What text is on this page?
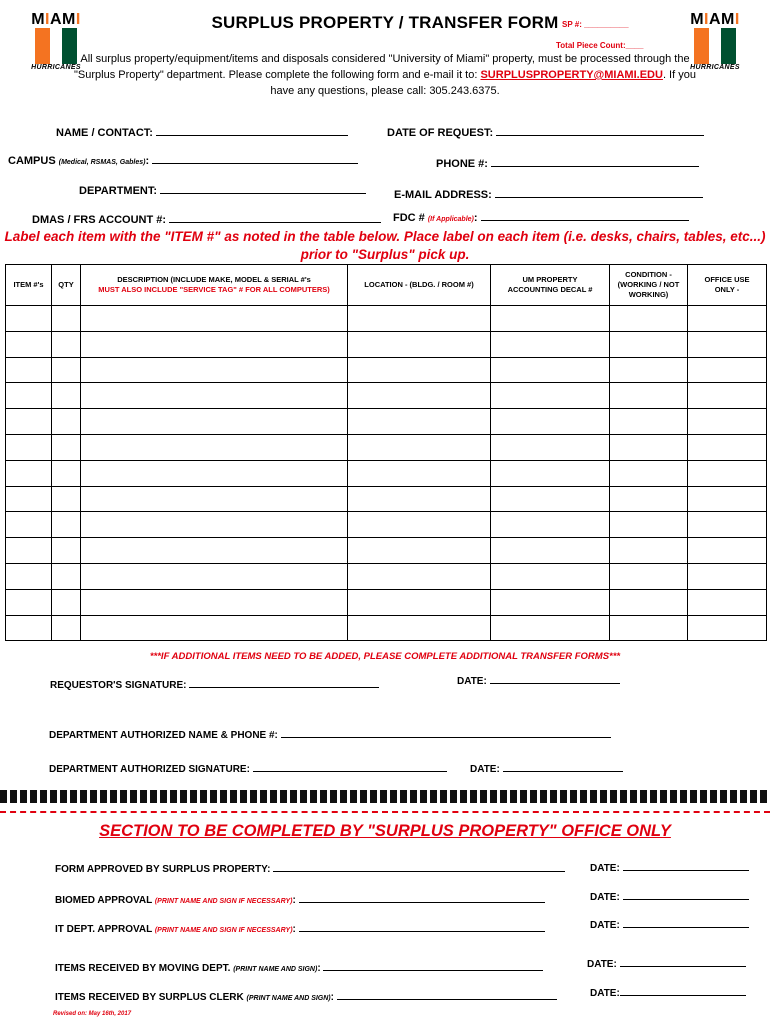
MIAMI
HURRICANES
MIAMI
HURRICANES
SURPLUS PROPERTY / TRANSFER FORM SP #: __________
Total Piece Count:____
All surplus property/equipment/items and disposals considered "University of Miami" property, must be processed through the "Surplus Property" department. Please complete the following form and e-mail it to: SURPLUSPROPERTY@MIAMI.EDU. If you have any questions, please call: 305.243.6375.
NAME / CONTACT:	DATE OF REQUEST:
CAMPUS (Medical, RSMAS, Gables):	PHONE #:
DEPARTMENT:	E-MAIL ADDRESS:
DMAS / FRS ACCOUNT #:	FDC # (If Applicable):
Label each item with the "ITEM #" as noted in the table below. Place label on each item (i.e. desks, chairs, tables, etc...) prior to "Surplus" pick up.
ITEM #'s	QTY	DESCRIPTION (INCLUDE MAKE, MODEL & SERIAL #'s
MUST ALSO INCLUDE "SERVICE TAG" # FOR ALL COMPUTERS)	LOCATION - (BLDG. / ROOM #)	UM PROPERTY ACCOUNTING DECAL #	CONDITION - (WORKING / NOT WORKING)	OFFICE USE ONLY -

***IF ADDITIONAL ITEMS NEED TO BE ADDED, PLEASE COMPLETE ADDITIONAL TRANSFER FORMS***
REQUESTOR'S SIGNATURE:	DATE:
DEPARTMENT AUTHORIZED NAME & PHONE #:
DEPARTMENT AUTHORIZED SIGNATURE:	DATE:
SECTION TO BE COMPLETED BY "SURPLUS PROPERTY" OFFICE ONLY
FORM APPROVED BY SURPLUS PROPERTY:	DATE:
BIOMED APPROVAL (PRINT NAME AND SIGN IF NECESSARY):	DATE:
IT DEPT. APPROVAL (PRINT NAME AND SIGN IF NECESSARY):	DATE:
ITEMS RECEIVED BY MOVING DEPT. (PRINT NAME AND SIGN):	DATE:
ITEMS RECEIVED BY SURPLUS CLERK (PRINT NAME AND SIGN):	DATE:
Revised on: May 16th, 2017
